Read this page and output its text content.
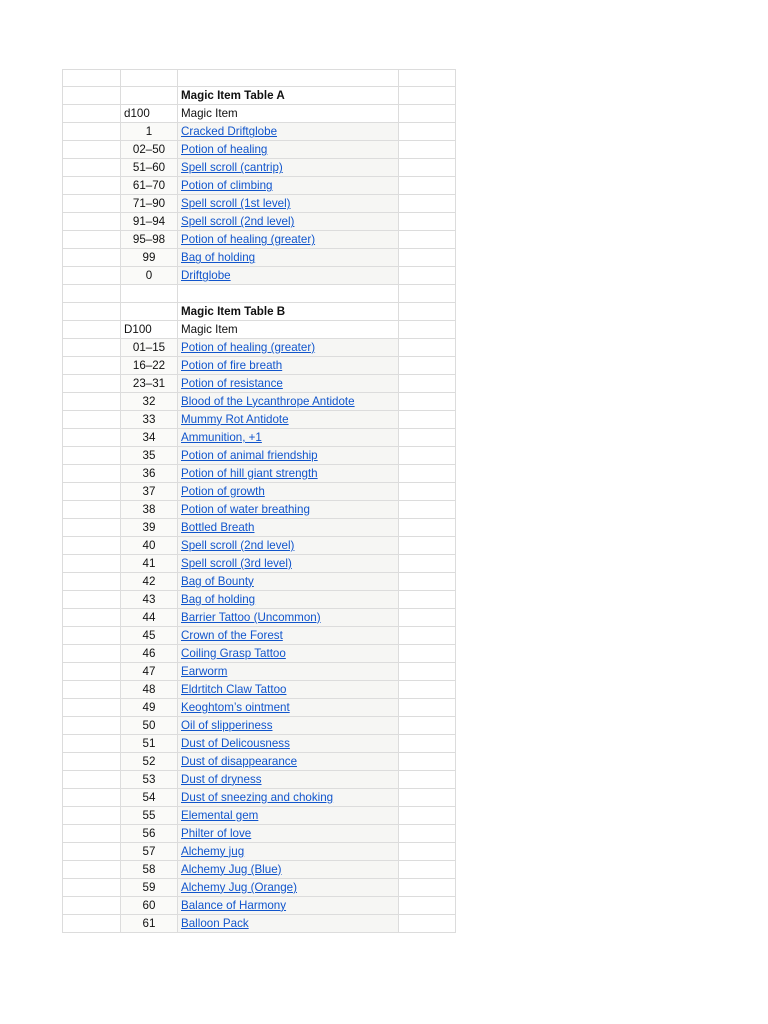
		Magic Item Table A	
	d100	Magic Item	
	1	Cracked Driftglobe	
	02–50	Potion of healing	
	51–60	Spell scroll (cantrip)	
	61–70	Potion of climbing	
	71–90	Spell scroll (1st level)	
	91–94	Spell scroll (2nd level)	
	95–98	Potion of healing (greater)	
	99	Bag of holding	
	0	Driftglobe	

		Magic Item Table B	
	D100	Magic Item	
	01–15	Potion of healing (greater)	
	16–22	Potion of fire breath	
	23–31	Potion of resistance	
	32	Blood of the Lycanthrope Antidote	
	33	Mummy Rot Antidote	
	34	Ammunition, +1	
	35	Potion of animal friendship	
	36	Potion of hill giant strength	
	37	Potion of growth	
	38	Potion of water breathing	
	39	Bottled Breath	
	40	Spell scroll (2nd level)	
	41	Spell scroll (3rd level)	
	42	Bag of Bounty	
	43	Bag of holding	
	44	Barrier Tattoo (Uncommon)	
	45	Crown of the Forest	
	46	Coiling Grasp Tattoo	
	47	Earworm	
	48	Eldrtitch Claw Tattoo	
	49	Keoghtom’s ointment	
	50	Oil of slipperiness	
	51	Dust of Delicousness	
	52	Dust of disappearance	
	53	Dust of dryness	
	54	Dust of sneezing and choking	
	55	Elemental gem	
	56	Philter of love	
	57	Alchemy jug	
	58	Alchemy Jug (Blue)	
	59	Alchemy Jug (Orange)	
	60	Balance of Harmony	
	61	Balloon Pack	
